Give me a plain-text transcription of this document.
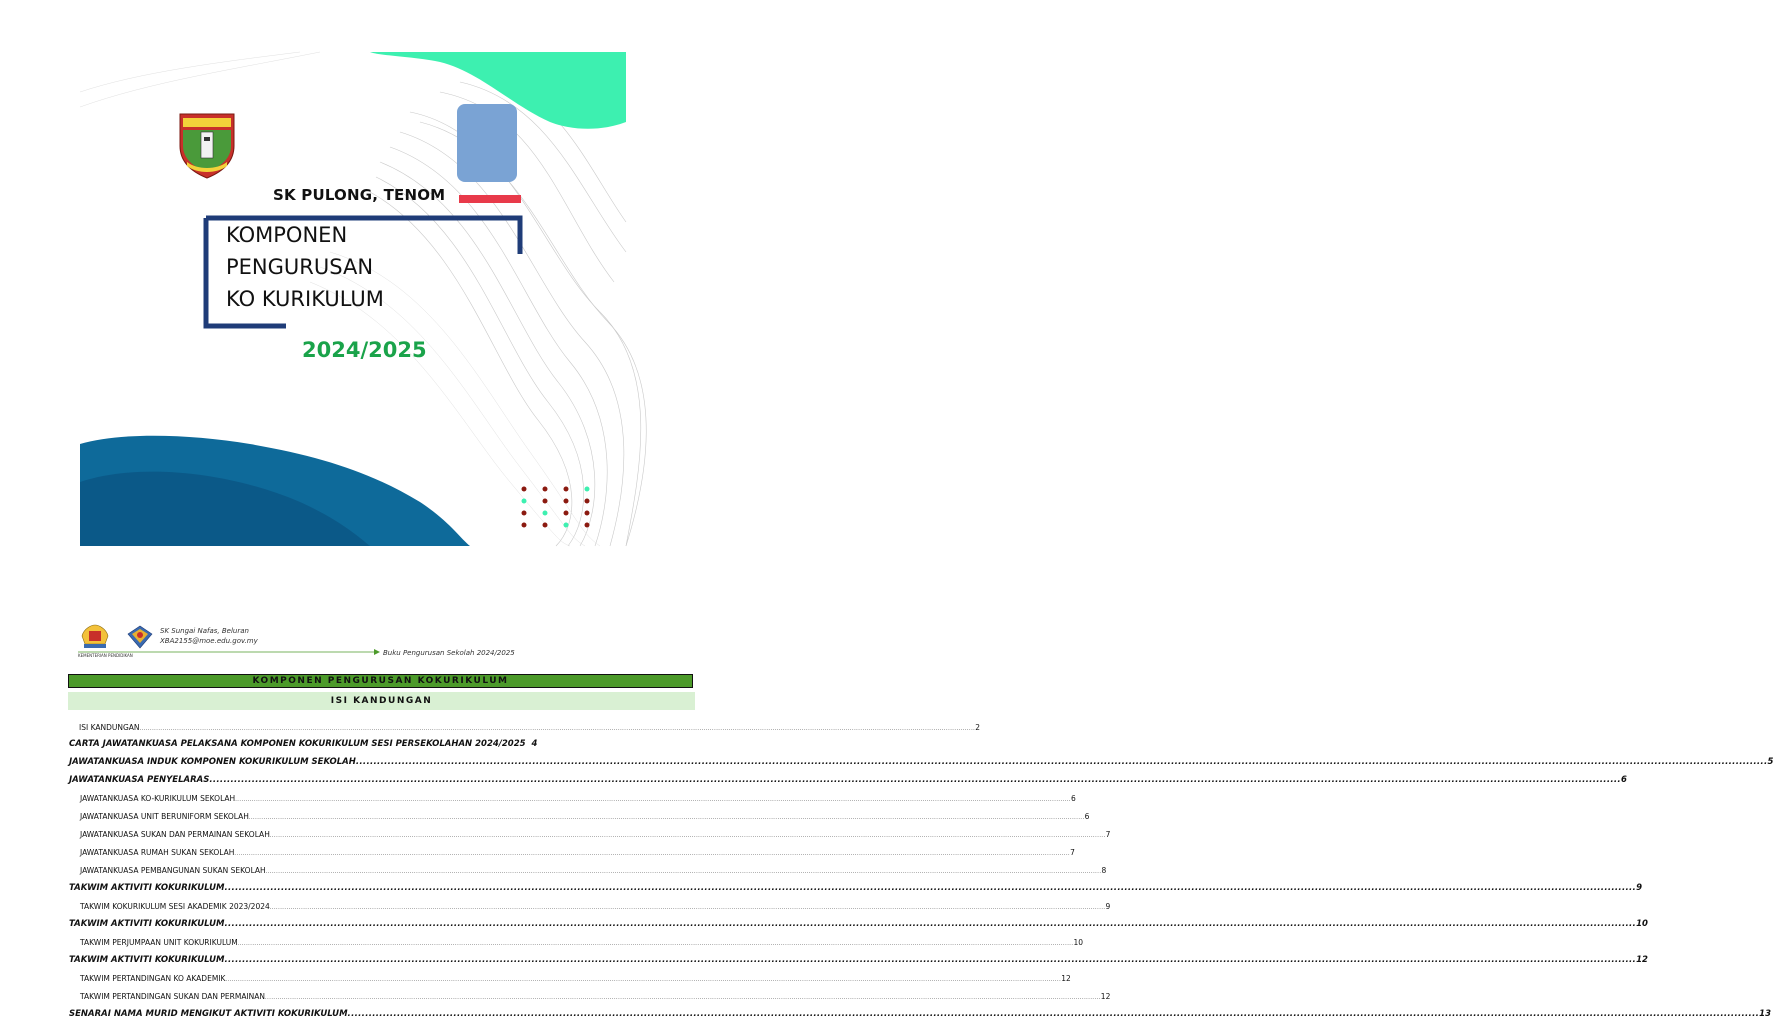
SK PULONG, TENOM
KOMPONEN
PENGURUSAN
KO KURIKULUM
2024/2025
KEMENTERIAN PENDIDIKAN
SK Sungai Nafas, Beluran
XBA2155@moe.edu.gov.my
Buku Pengurusan Sekolah 2024/2025
KOMPONEN PENGURUSAN KOKURIKULUM
ISI KANDUNGAN
ISI KANDUNGAN ................................................................................................................................................................................................................................................................................................................................................................................................................ 2
CARTA JAWATANKUASA PELAKSANA KOMPONEN KOKURIKULUM SESI PERSEKOLAHAN 2024/2025 4
JAWATANKUASA INDUK KOMPONEN KOKURIKULUM SEKOLAH ................................................................................................................................................................................................................................................................................................................................................................................................................ 5
JAWATANKUASA PENYELARAS ................................................................................................................................................................................................................................................................................................................................................................................................................ 6
JAWATANKUASA KO-KURIKULUM SEKOLAH ................................................................................................................................................................................................................................................................................................................................................................................................................ 6
JAWATANKUASA UNIT BERUNIFORM SEKOLAH ................................................................................................................................................................................................................................................................................................................................................................................................................ 6
JAWATANKUASA SUKAN DAN PERMAINAN SEKOLAH ................................................................................................................................................................................................................................................................................................................................................................................................................ 7
JAWATANKUASA RUMAH SUKAN SEKOLAH ................................................................................................................................................................................................................................................................................................................................................................................................................ 7
JAWATANKUASA PEMBANGUNAN SUKAN SEKOLAH ................................................................................................................................................................................................................................................................................................................................................................................................................ 8
TAKWIM AKTIVITI KOKURIKULUM ................................................................................................................................................................................................................................................................................................................................................................................................................ 9
TAKWIM KOKURIKULUM SESI AKADEMIK 2023/2024 ................................................................................................................................................................................................................................................................................................................................................................................................................ 9
TAKWIM AKTIVITI KOKURIKULUM ................................................................................................................................................................................................................................................................................................................................................................................................................ 10
TAKWIM PERJUMPAAN UNIT KOKURIKULUM ................................................................................................................................................................................................................................................................................................................................................................................................................ 10
TAKWIM AKTIVITI KOKURIKULUM ................................................................................................................................................................................................................................................................................................................................................................................................................ 12
TAKWIM PERTANDINGAN KO AKADEMIK ................................................................................................................................................................................................................................................................................................................................................................................................................ 12
TAKWIM PERTANDINGAN SUKAN DAN PERMAINAN ................................................................................................................................................................................................................................................................................................................................................................................................................ 12
SENARAI NAMA MURID MENGIKUT AKTIVITI KOKURIKULUM ................................................................................................................................................................................................................................................................................................................................................................................................................ 13
